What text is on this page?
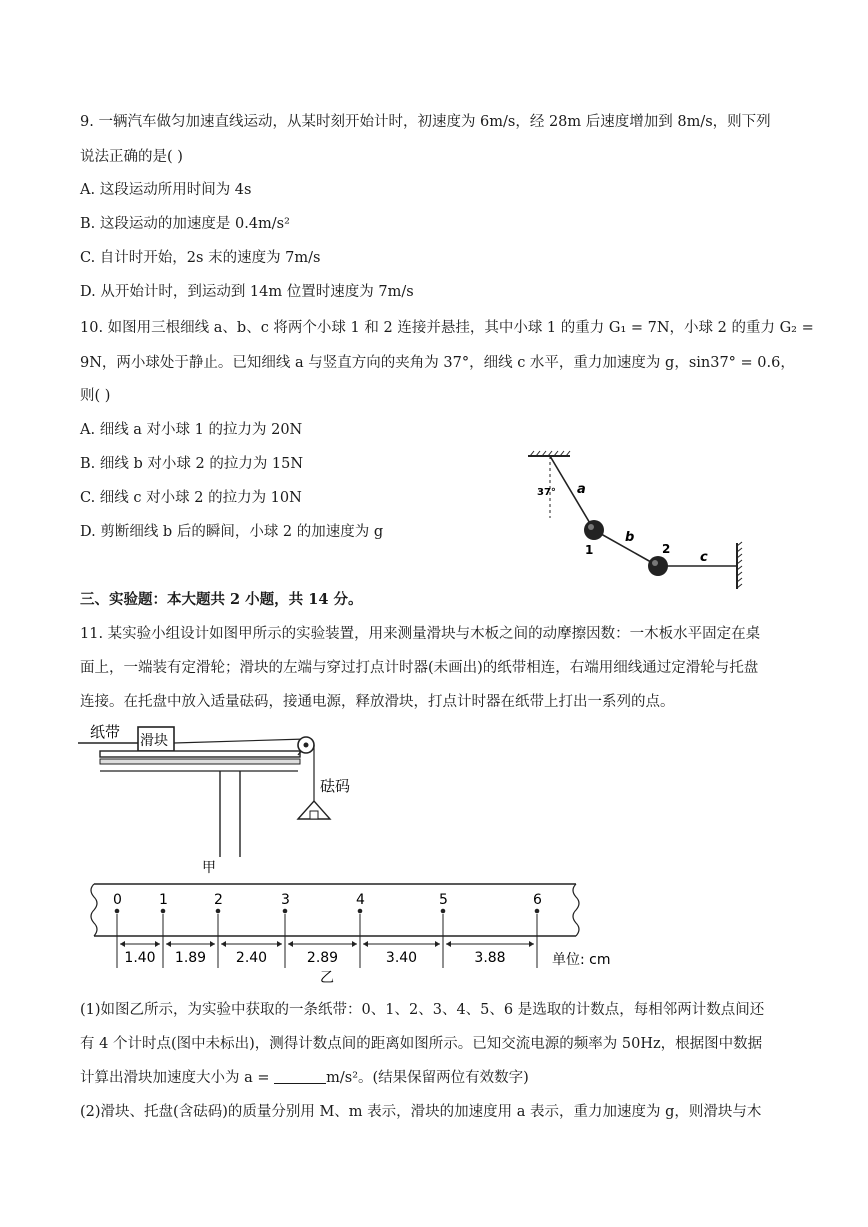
9. 一辆汽车做匀加速直线运动，从某时刻开始计时，初速度为 6m/s，经 28m 后速度增加到 8m/s，则下列
说法正确的是( )
A. 这段运动所用时间为 4s
B. 这段运动的加速度是 0.4m/s²
C. 自计时开始，2s 末的速度为 7m/s
D. 从开始计时，到运动到 14m 位置时速度为 7m/s
10. 如图用三根细线 a、b、c 将两个小球 1 和 2 连接并悬挂，其中小球 1 的重力 G₁ = 7N，小球 2 的重力 G₂ =
9N，两小球处于静止。已知细线 a 与竖直方向的夹角为 37°，细线 c 水平，重力加速度为 g，sin37° = 0.6，
则( )
A. 细线 a 对小球 1 的拉力为 20N
B. 细线 b 对小球 2 的拉力为 15N
C. 细线 c 对小球 2 的拉力为 10N
D. 剪断细线 b 后的瞬间，小球 2 的加速度为 g
37° a
b
c
1	2
三、实验题：本大题共 2 小题，共 14 分。
11. 某实验小组设计如图甲所示的实验装置，用来测量滑块与木板之间的动摩擦因数：一木板水平固定在桌
面上，一端装有定滑轮；滑块的左端与穿过打点计时器(未画出)的纸带相连，右端用细线通过定滑轮与托盘
连接。在托盘中放入适量砝码，接通电源，释放滑块，打点计时器在纸带上打出一系列的点。
纸带 滑块
砝码
甲
0	1	2	3	4	5	6
1.40 1.89 2.40	2.89	3.40	3.88	单位: cm
乙
(1)如图乙所示，为实验中获取的一条纸带：0、1、2、3、4、5、6 是选取的计数点，每相邻两计数点间还
有 4 个计时点(图中未标出)，测得计数点间的距离如图所示。已知交流电源的频率为 50Hz，根据图中数据
计算出滑块加速度大小为 a =	m/s²。(结果保留两位有效数字)
(2)滑块、托盘(含砝码)的质量分别用 M、m 表示，滑块的加速度用 a 表示，重力加速度为 g，则滑块与木
